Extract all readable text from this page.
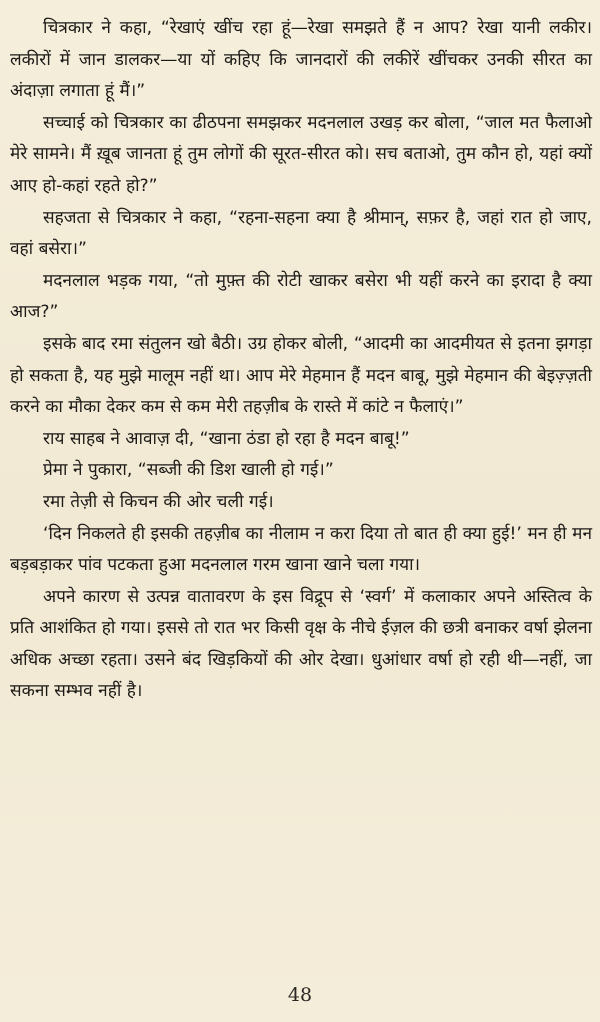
चित्रकार ने कहा, “रेखाएं खींच रहा हूं—रेखा समझते हैं न आप? रेखा यानी लकीर। लकीरों में जान डालकर—या यों कहिए कि जानदारों की लकीरें खींचकर उनकी सीरत का अंदाज़ा लगाता हूं मैं।”

सच्चाई को चित्रकार का ढीठपना समझकर मदनलाल उखड़ कर बोला, “जाल मत फैलाओ मेरे सामने। मैं ख़ूब जानता हूं तुम लोगों की सूरत-सीरत को। सच बताओ, तुम कौन हो, यहां क्यों आए हो-कहां रहते हो?”

सहजता से चित्रकार ने कहा, “रहना-सहना क्या है श्रीमान्, सफ़र है, जहां रात हो जाए, वहां बसेरा।”

मदनलाल भड़क गया, “तो मुफ़्त की रोटी खाकर बसेरा भी यहीं करने का इरादा है क्या आज?”

इसके बाद रमा संतुलन खो बैठी। उग्र होकर बोली, “आदमी का आदमीयत से इतना झगड़ा हो सकता है, यह मुझे मालूम नहीं था। आप मेरे मेहमान हैं मदन बाबू, मुझे मेहमान की बेइज़्ज़ती करने का मौका देकर कम से कम मेरी तहज़ीब के रास्ते में कांटे न फैलाएं।”

राय साहब ने आवाज़ दी, “खाना ठंडा हो रहा है मदन बाबू!”

प्रेमा ने पुकारा, “सब्जी की डिश खाली हो गई।”

रमा तेज़ी से किचन की ओर चली गई।

‘दिन निकलते ही इसकी तहज़ीब का नीलाम न करा दिया तो बात ही क्या हुई!’ मन ही मन बड़बड़ाकर पांव पटकता हुआ मदनलाल गरम खाना खाने चला गया।

अपने कारण से उत्पन्न वातावरण के इस विद्रूप से ‘स्वर्ग’ में कलाकार अपने अस्तित्व के प्रति आशंकित हो गया। इससे तो रात भर किसी वृक्ष के नीचे ईज़ल की छत्री बनाकर वर्षा झेलना अधिक अच्छा रहता। उसने बंद खिड़कियों की ओर देखा। धुआंधार वर्षा हो रही थी—नहीं, जा सकना सम्भव नहीं है।

48
